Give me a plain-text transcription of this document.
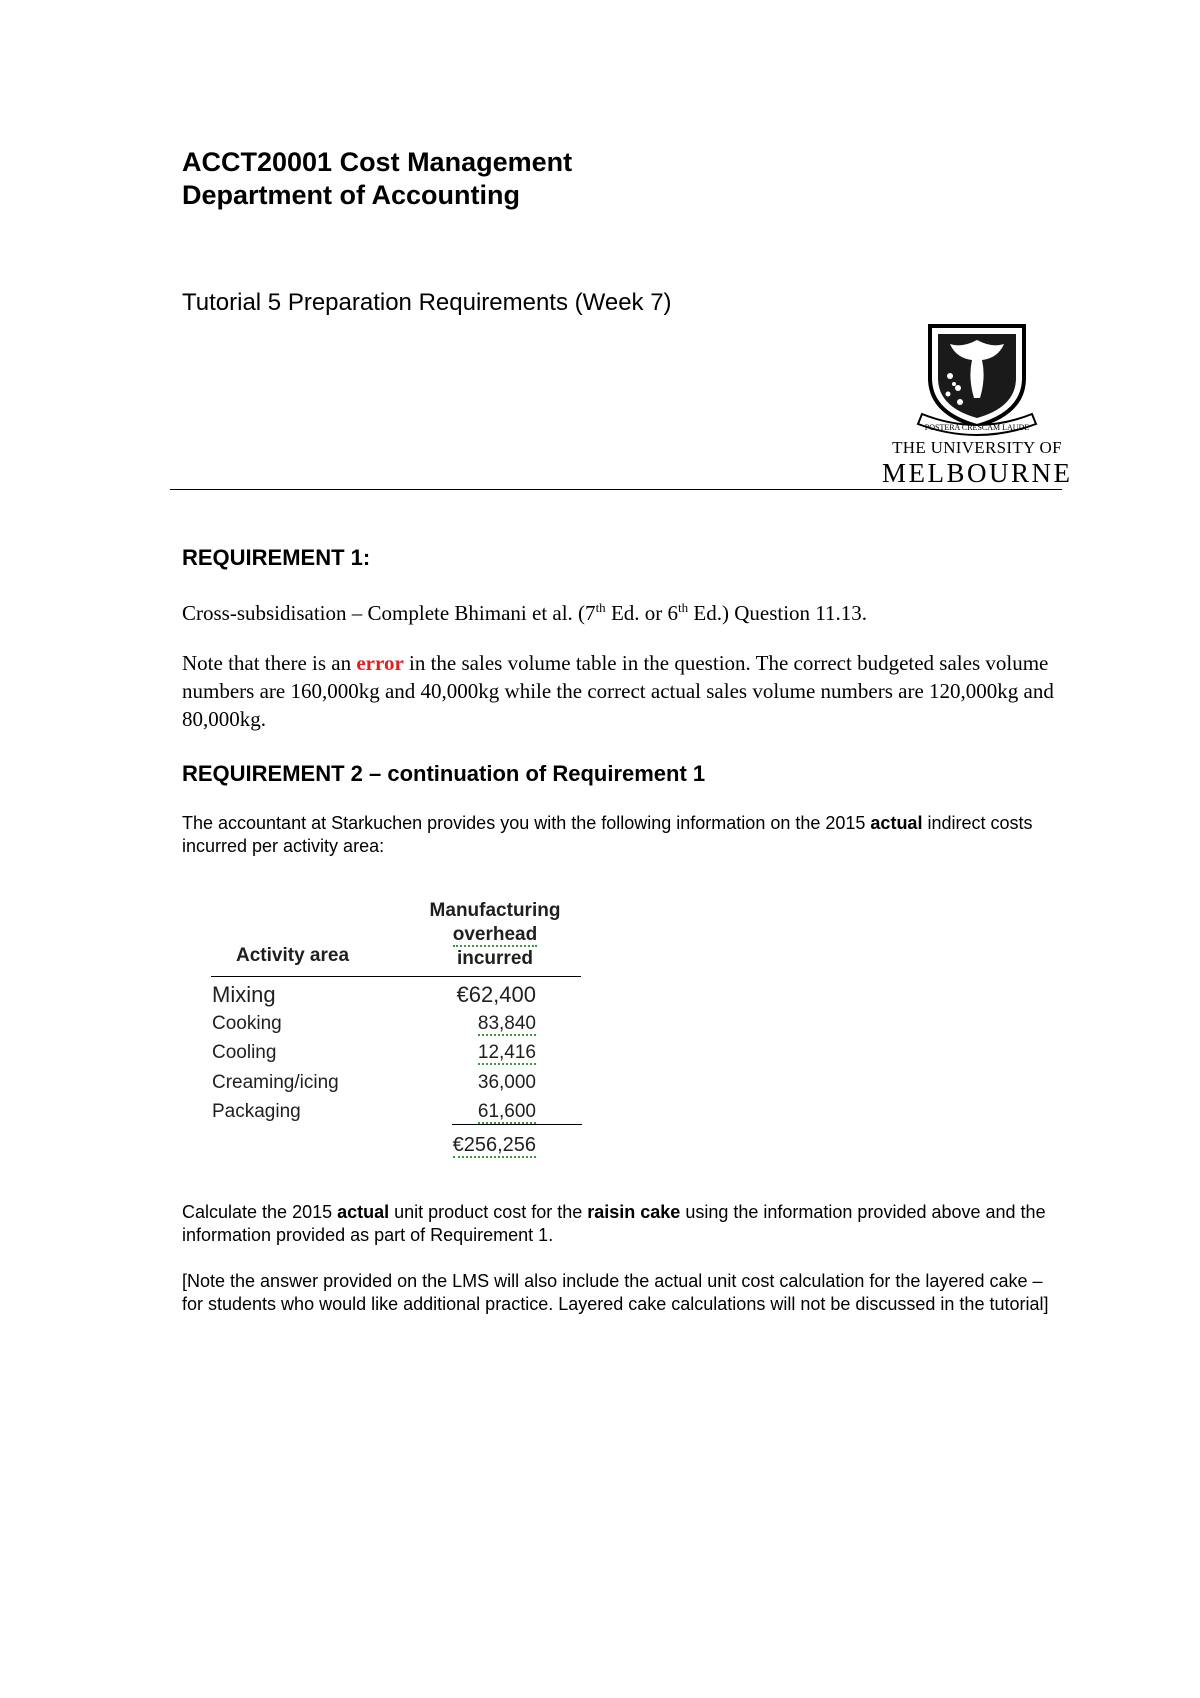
ACCT20001 Cost Management
Department of Accounting
Tutorial 5 Preparation Requirements (Week 7)
POSTERA CRESCAM LAUDE
THE UNIVERSITY OF
MELBOURNE
REQUIREMENT 1:
Cross-subsidisation – Complete Bhimani et al. (7th Ed. or 6th Ed.) Question 11.13.
Note that there is an error in the sales volume table in the question. The correct budgeted sales volume numbers are 160,000kg and 40,000kg while the correct actual sales volume numbers are 120,000kg and 80,000kg.
REQUIREMENT 2 – continuation of Requirement 1
The accountant at Starkuchen provides you with the following information on the 2015 actual indirect costs incurred per activity area:
Manufacturing
overhead
incurred
Activity area
Mixing	€62,400
Cooking	83,840
Cooling	12,416
Creaming/icing	36,000
Packaging	61,600
€256,256
Calculate the 2015 actual unit product cost for the raisin cake using the information provided above and the information provided as part of Requirement 1.
[Note the answer provided on the LMS will also include the actual unit cost calculation for the layered cake – for students who would like additional practice. Layered cake calculations will not be discussed in the tutorial]
